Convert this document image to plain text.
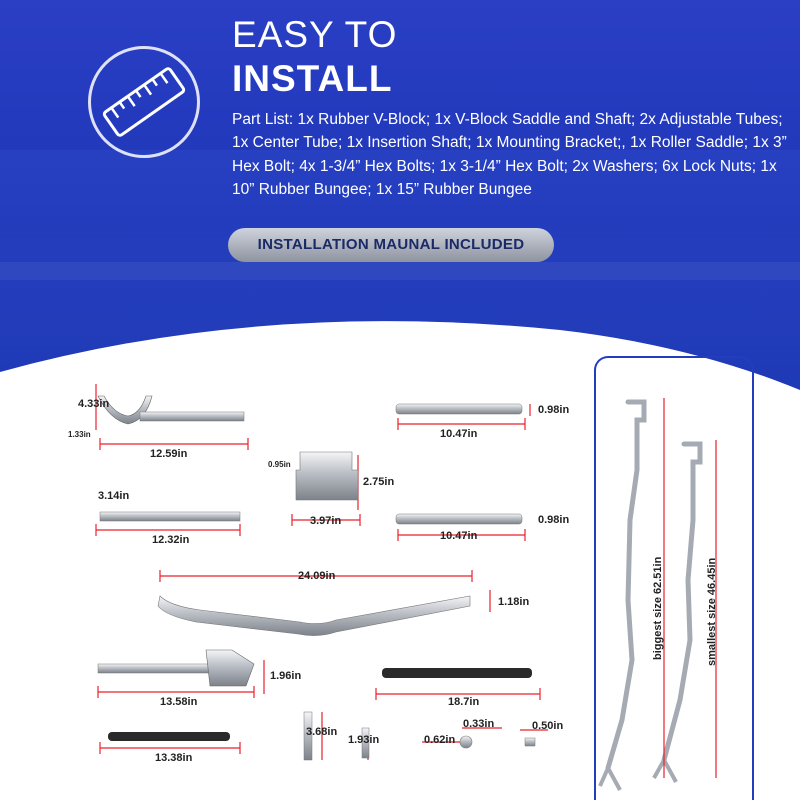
EASY TO
INSTALL
Part List: 1x Rubber V-Block; 1x V-Block Saddle and Shaft; 2x Adjustable Tubes; 1x Center Tube; 1x Insertion Shaft; 1x Mounting Bracket;, 1x Roller Saddle; 1x 3” Hex Bolt; 4x 1-3/4” Hex Bolts; 1x 3-1/4” Hex Bolt; 2x Washers; 6x Lock Nuts; 1x 10” Rubber Bungee; 1x 15” Rubber Bungee
INSTALLATION MAUNAL INCLUDED
4.33in
1.33in
12.59in
0.98in
10.47in
0.95in
2.75in
3.97in
3.14in
12.32in
0.98in
10.47in
24.09in
1.18in
1.96in
13.58in	18.7in
13.38in
3.68in
1.93in	0.62in
0.33in	0.50in
biggest size 62.51in	smallest size 46.45in
